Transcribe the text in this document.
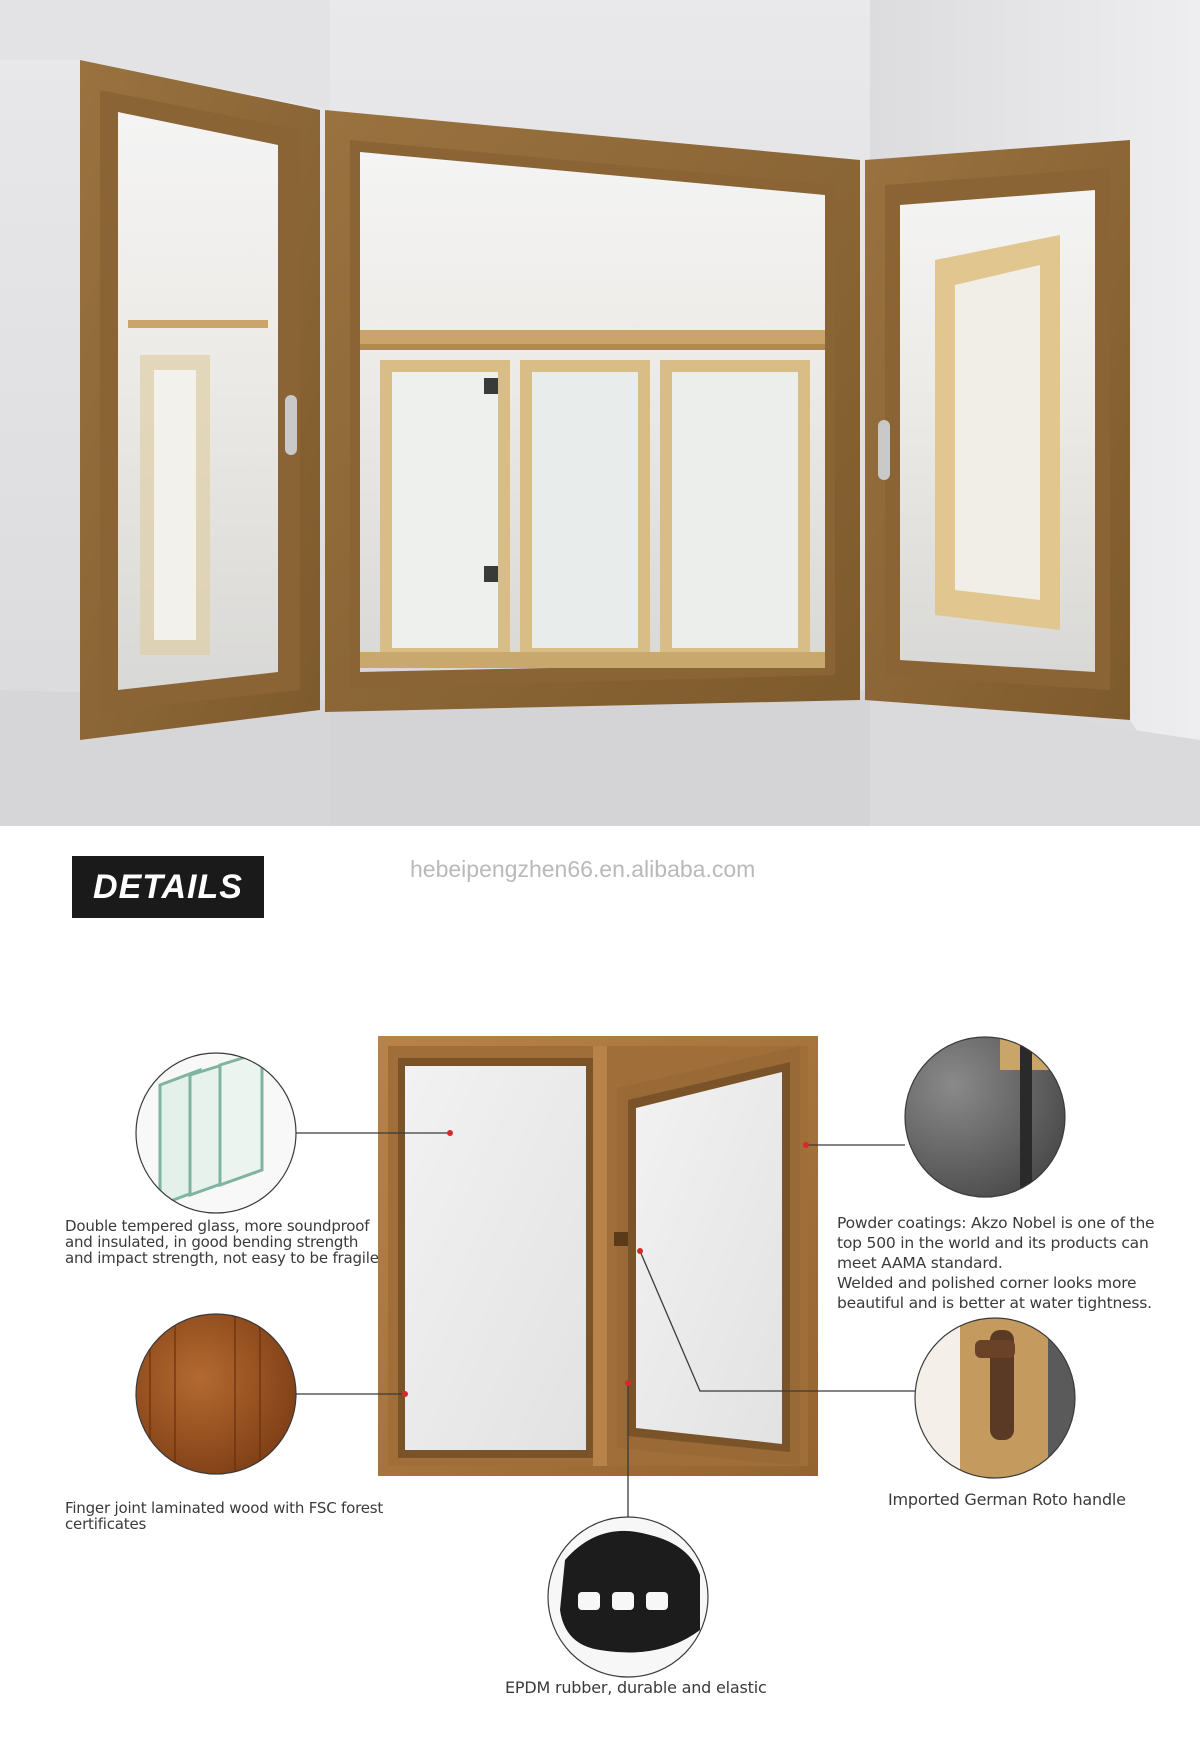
DETAILS	hebeipengzhen66.en.alibaba.com
Double tempered glass, more soundproof and insulated, in good bending strength and impact strength, not easy to be fragile
Finger joint laminated wood with FSC forest certificates

Powder coatings: Akzo Nobel is one of the top 500 in the world and its products can meet AAMA standard.

Welded and polished corner looks more beautiful and is better at water tightness.

Imported German Roto handle
EPDM rubber, durable and elastic
